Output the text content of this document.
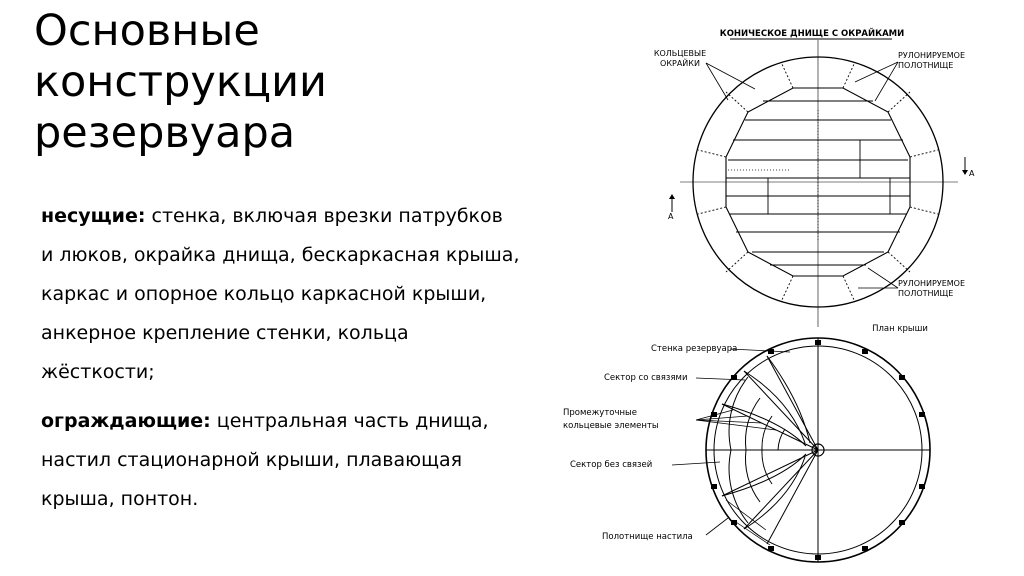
Основные
конструкции
резервуара

несущие: стенка, включая врезки патрубков и люков, окрайка днища, бескаркасная крыша, каркас и опорное кольцо каркасной крыши, анкерное крепление стенки, кольца жёсткости;

ограждающие: центральная часть днища, настил стационарной крыши, плавающая крыша, понтон.

КОНИЧЕСКОЕ ДНИЩЕ С ОКРАЙКАМИ
A
A
КОЛЬЦЕВЫЕ ОКРАЙКИ
РУЛОНИРУЕМОЕ ПОЛОТНИЩЕ
РУЛОНИРУЕМОЕ ПОЛОТНИЩЕ
План крыши
Стенка резервуара
Сектор со связями
Промежуточные кольцевые элементы
Сектор без связей
Полотнище настила
